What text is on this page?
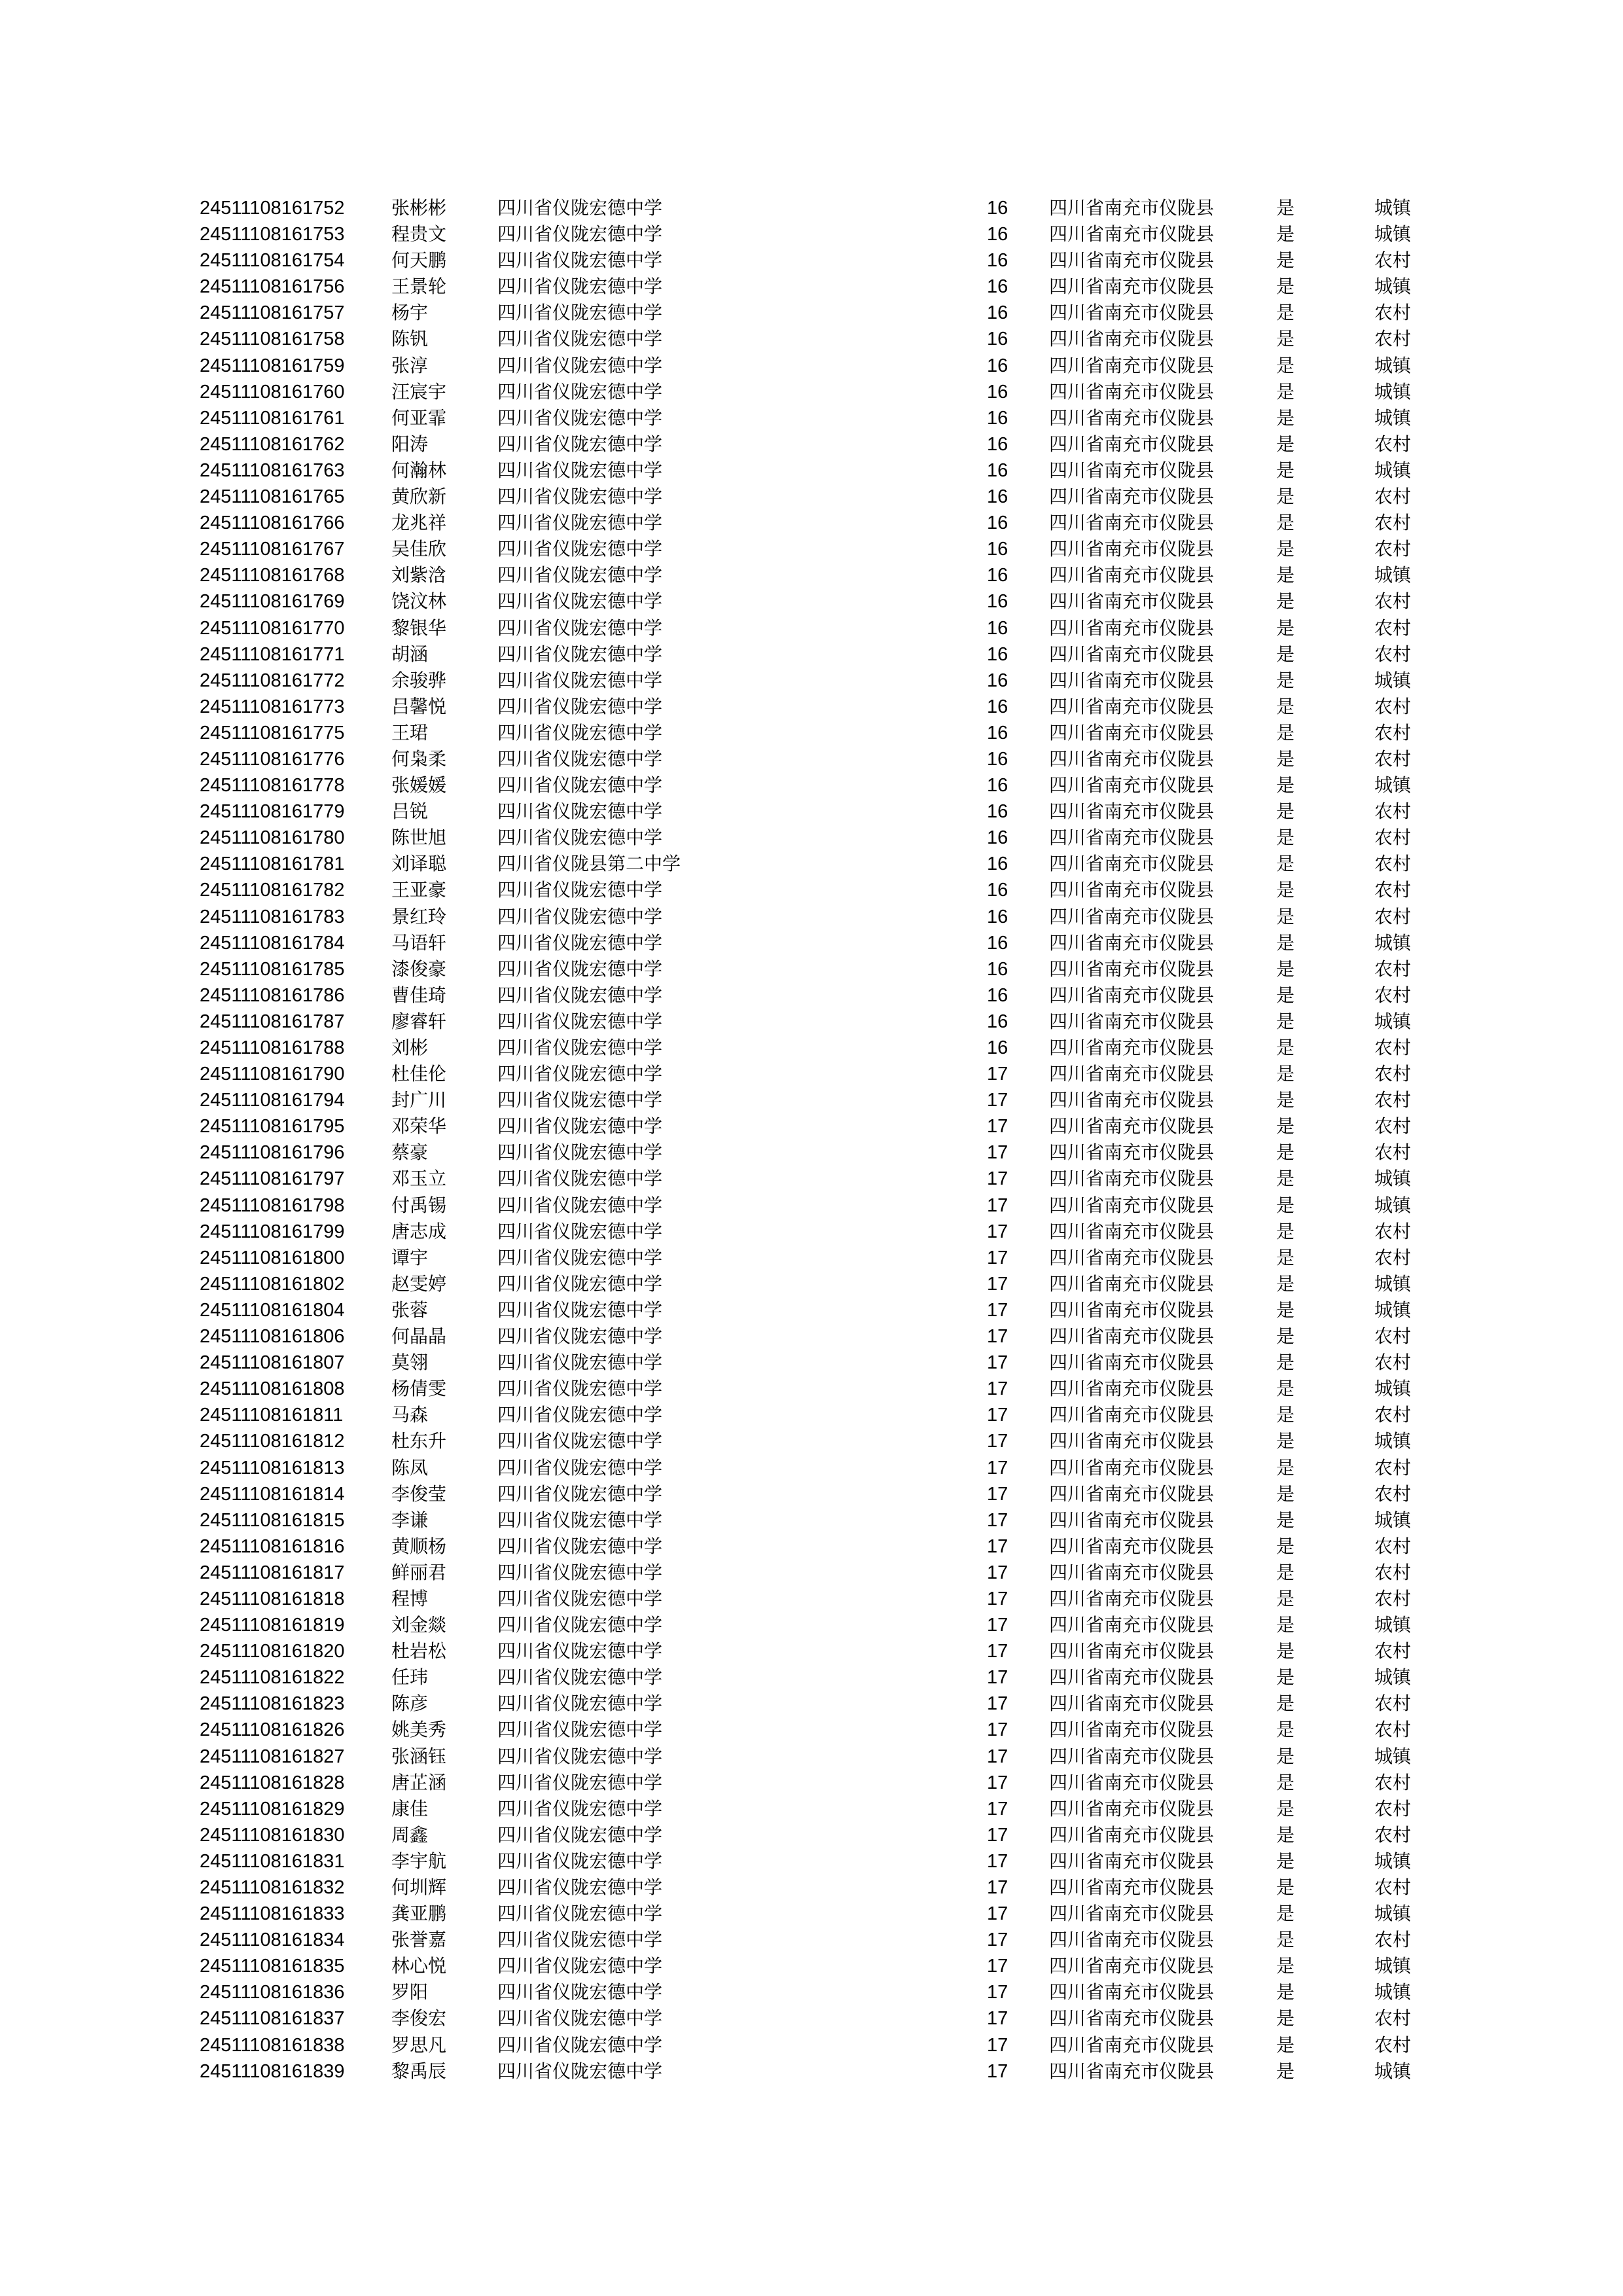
24511108161752	张彬彬	四川省仪陇宏德中学	16 四川省南充市仪陇县	是	城镇
24511108161753	程贵文	四川省仪陇宏德中学	16 四川省南充市仪陇县	是	城镇
24511108161754	何天鹏	四川省仪陇宏德中学	16 四川省南充市仪陇县	是	农村
24511108161756	王景轮	四川省仪陇宏德中学	16 四川省南充市仪陇县	是	城镇
24511108161757	杨宇	四川省仪陇宏德中学	16 四川省南充市仪陇县	是	农村
24511108161758	陈钒	四川省仪陇宏德中学	16 四川省南充市仪陇县	是	农村
24511108161759	张淳	四川省仪陇宏德中学	16 四川省南充市仪陇县	是	城镇
24511108161760	汪宸宇	四川省仪陇宏德中学	16 四川省南充市仪陇县	是	城镇
24511108161761	何亚霏	四川省仪陇宏德中学	16 四川省南充市仪陇县	是	城镇
24511108161762	阳涛	四川省仪陇宏德中学	16 四川省南充市仪陇县	是	农村
24511108161763	何瀚林	四川省仪陇宏德中学	16 四川省南充市仪陇县	是	城镇
24511108161765	黄欣新	四川省仪陇宏德中学	16 四川省南充市仪陇县	是	农村
24511108161766	龙兆祥	四川省仪陇宏德中学	16 四川省南充市仪陇县	是	农村
24511108161767	吴佳欣	四川省仪陇宏德中学	16 四川省南充市仪陇县	是	农村
24511108161768	刘紫浛	四川省仪陇宏德中学	16 四川省南充市仪陇县	是	城镇
24511108161769	饶汶林	四川省仪陇宏德中学	16 四川省南充市仪陇县	是	农村
24511108161770	黎银华	四川省仪陇宏德中学	16 四川省南充市仪陇县	是	农村
24511108161771	胡涵	四川省仪陇宏德中学	16 四川省南充市仪陇县	是	农村
24511108161772	余骏骅	四川省仪陇宏德中学	16 四川省南充市仪陇县	是	城镇
24511108161773	吕馨悦	四川省仪陇宏德中学	16 四川省南充市仪陇县	是	农村
24511108161775	王珺	四川省仪陇宏德中学	16 四川省南充市仪陇县	是	农村
24511108161776	何枭柔	四川省仪陇宏德中学	16 四川省南充市仪陇县	是	农村
24511108161778	张媛媛	四川省仪陇宏德中学	16 四川省南充市仪陇县	是	城镇
24511108161779	吕锐	四川省仪陇宏德中学	16 四川省南充市仪陇县	是	农村
24511108161780	陈世旭	四川省仪陇宏德中学	16 四川省南充市仪陇县	是	农村
24511108161781	刘译聪	四川省仪陇县第二中学	16 四川省南充市仪陇县	是	农村
24511108161782	王亚豪	四川省仪陇宏德中学	16 四川省南充市仪陇县	是	农村
24511108161783	景红玲	四川省仪陇宏德中学	16 四川省南充市仪陇县	是	农村
24511108161784	马语轩	四川省仪陇宏德中学	16 四川省南充市仪陇县	是	城镇
24511108161785	漆俊豪	四川省仪陇宏德中学	16 四川省南充市仪陇县	是	农村
24511108161786	曹佳琦	四川省仪陇宏德中学	16 四川省南充市仪陇县	是	农村
24511108161787	廖睿轩	四川省仪陇宏德中学	16 四川省南充市仪陇县	是	城镇
24511108161788	刘彬	四川省仪陇宏德中学	16 四川省南充市仪陇县	是	农村
24511108161790	杜佳伦	四川省仪陇宏德中学	17 四川省南充市仪陇县	是	农村
24511108161794	封广川	四川省仪陇宏德中学	17 四川省南充市仪陇县	是	农村
24511108161795	邓荣华	四川省仪陇宏德中学	17 四川省南充市仪陇县	是	农村
24511108161796	蔡豪	四川省仪陇宏德中学	17 四川省南充市仪陇县	是	农村
24511108161797	邓玉立	四川省仪陇宏德中学	17 四川省南充市仪陇县	是	城镇
24511108161798	付禹锡	四川省仪陇宏德中学	17 四川省南充市仪陇县	是	城镇
24511108161799	唐志成	四川省仪陇宏德中学	17 四川省南充市仪陇县	是	农村
24511108161800	谭宇	四川省仪陇宏德中学	17 四川省南充市仪陇县	是	农村
24511108161802	赵雯婷	四川省仪陇宏德中学	17 四川省南充市仪陇县	是	城镇
24511108161804	张蓉	四川省仪陇宏德中学	17 四川省南充市仪陇县	是	城镇
24511108161806	何晶晶	四川省仪陇宏德中学	17 四川省南充市仪陇县	是	农村
24511108161807	莫翎	四川省仪陇宏德中学	17 四川省南充市仪陇县	是	农村
24511108161808	杨倩雯	四川省仪陇宏德中学	17 四川省南充市仪陇县	是	城镇
24511108161811	马森	四川省仪陇宏德中学	17 四川省南充市仪陇县	是	农村
24511108161812	杜东升	四川省仪陇宏德中学	17 四川省南充市仪陇县	是	城镇
24511108161813	陈凤	四川省仪陇宏德中学	17 四川省南充市仪陇县	是	农村
24511108161814	李俊莹	四川省仪陇宏德中学	17 四川省南充市仪陇县	是	农村
24511108161815	李谦	四川省仪陇宏德中学	17 四川省南充市仪陇县	是	城镇
24511108161816	黄顺杨	四川省仪陇宏德中学	17 四川省南充市仪陇县	是	农村
24511108161817	鲜丽君	四川省仪陇宏德中学	17 四川省南充市仪陇县	是	农村
24511108161818	程博	四川省仪陇宏德中学	17 四川省南充市仪陇县	是	农村
24511108161819	刘金燚	四川省仪陇宏德中学	17 四川省南充市仪陇县	是	城镇
24511108161820	杜岩松	四川省仪陇宏德中学	17 四川省南充市仪陇县	是	农村
24511108161822	任玮	四川省仪陇宏德中学	17 四川省南充市仪陇县	是	城镇
24511108161823	陈彦	四川省仪陇宏德中学	17 四川省南充市仪陇县	是	农村
24511108161826	姚美秀	四川省仪陇宏德中学	17 四川省南充市仪陇县	是	农村
24511108161827	张涵钰	四川省仪陇宏德中学	17 四川省南充市仪陇县	是	城镇
24511108161828	唐芷涵	四川省仪陇宏德中学	17 四川省南充市仪陇县	是	农村
24511108161829	康佳	四川省仪陇宏德中学	17 四川省南充市仪陇县	是	农村
24511108161830	周鑫	四川省仪陇宏德中学	17 四川省南充市仪陇县	是	农村
24511108161831	李宇航	四川省仪陇宏德中学	17 四川省南充市仪陇县	是	城镇
24511108161832	何圳辉	四川省仪陇宏德中学	17 四川省南充市仪陇县	是	农村
24511108161833	龚亚鹏	四川省仪陇宏德中学	17 四川省南充市仪陇县	是	城镇
24511108161834	张誉嘉	四川省仪陇宏德中学	17 四川省南充市仪陇县	是	农村
24511108161835	林心悦	四川省仪陇宏德中学	17 四川省南充市仪陇县	是	城镇
24511108161836	罗阳	四川省仪陇宏德中学	17 四川省南充市仪陇县	是	城镇
24511108161837	李俊宏	四川省仪陇宏德中学	17 四川省南充市仪陇县	是	农村
24511108161838	罗思凡	四川省仪陇宏德中学	17 四川省南充市仪陇县	是	农村
24511108161839	黎禹辰	四川省仪陇宏德中学	17 四川省南充市仪陇县	是	城镇
